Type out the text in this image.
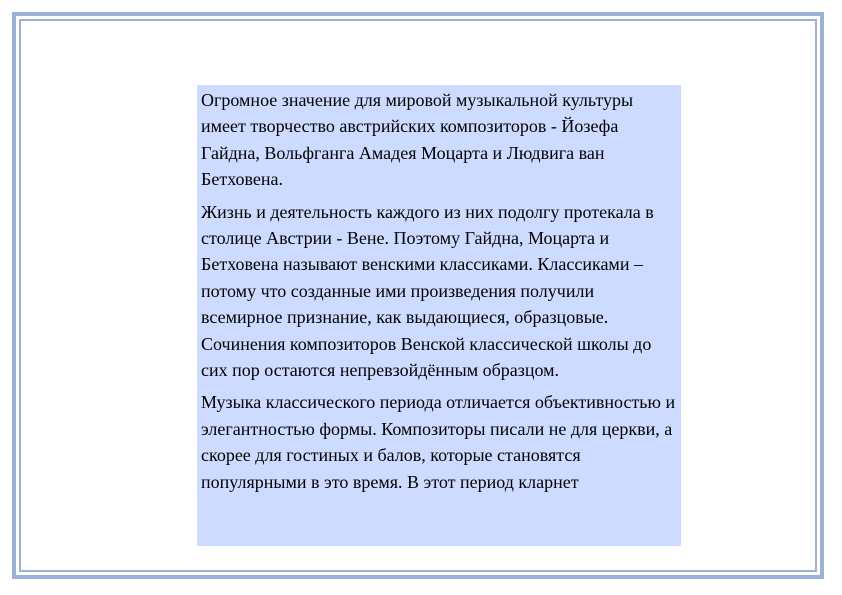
Огромное значение для мировой музыкальной культуры имеет творчество австрийских композиторов - Йозефа Гайдна, Вольфганга Амадея Моцарта и Людвига ван Бетховена.

Жизнь и деятельность каждого из них подолгу протекала в столице Австрии - Вене. Поэтому Гайдна, Моцарта и Бетховена называют венскими классиками. Классиками – потому что созданные ими произведения получили всемирное признание, как выдающиеся, образцовые. Сочинения композиторов Венской классической школы до сих пор остаются непревзойдённым образцом.

Музыка классического периода отличается объективностью и элегантностью формы. Композиторы писали не для церкви, а скорее для гостиных и балов, которые становятся популярными в это время. В этот период кларнет
